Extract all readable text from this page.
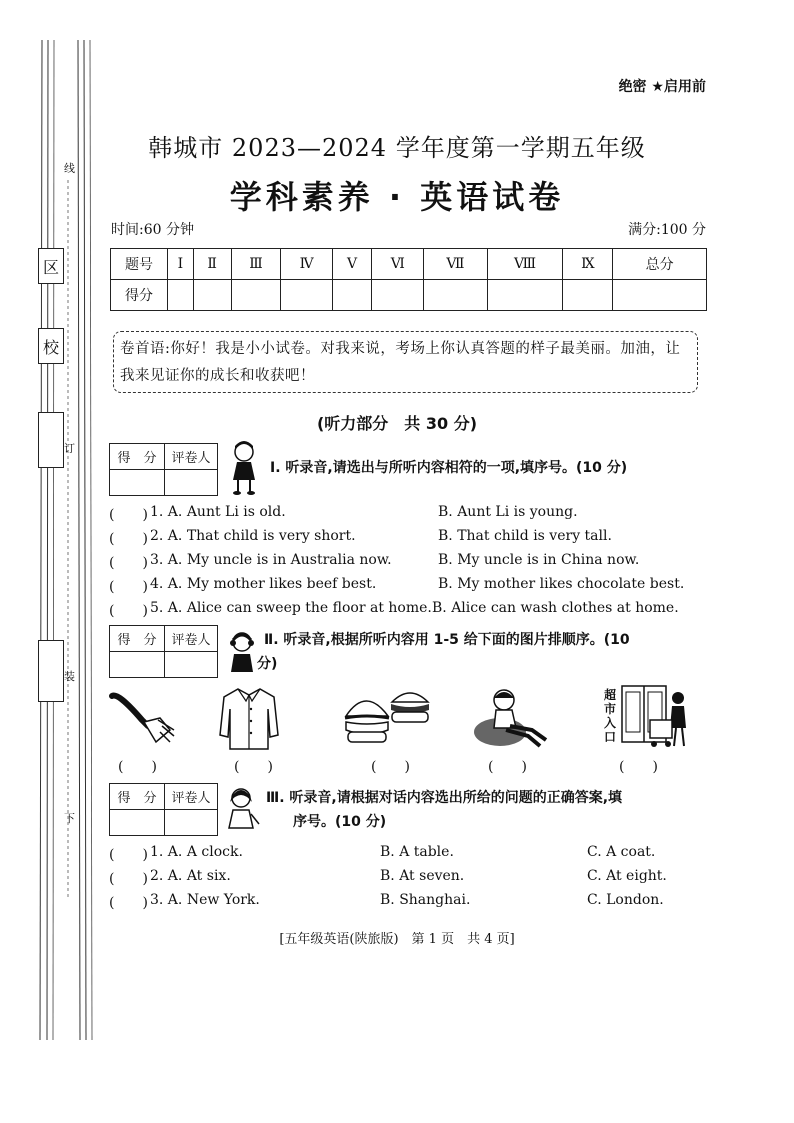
区
校
线
订
装
下
绝密 ★启用前
韩城市 2023—2024 学年度第一学期五年级
学科素养 · 英语试卷
时间:60 分钟	满分:100 分
题号	Ⅰ	Ⅱ	Ⅲ	Ⅳ	Ⅴ	Ⅵ	Ⅶ	Ⅷ	Ⅸ	总分
得分										
卷首语:你好！我是小小试卷。对我来说，考场上你认真答题的样子最美丽。加油，让我来见证你的成长和收获吧！
(听力部分　共 30 分)
得　分	评卷人
Ⅰ. 听录音,请选出与所听内容相符的一项,填序号。(10 分)
(　　) 1. A. Aunt Li is old.	B. Aunt Li is young.
(　　) 2. A. That child is very short.	B. That child is very tall.
(　　) 3. A. My uncle is in Australia now.	B. My uncle is in China now.
(　　) 4. A. My mother likes beef best.	B. My mother likes chocolate best.
(　　) 5. A. Alice can sweep the floor at home. B. Alice can wash clothes at home.
得　分	评卷人	Ⅱ. 听录音,根据所听内容用 1-5 给下面的图片排顺序。(10
分)
超市入口
(　　)	(　　)	(　　)	(　　)	(　　)
得　分	评卷人	Ⅲ. 听录音,请根据对话内容选出所给的问题的正确答案,填
序号。(10 分)
(　　) 1. A. A clock.	B. A table.	C. A coat.
(　　) 2. A. At six.	B. At seven.	C. At eight.
(　　) 3. A. New York.	B. Shanghai.	C. London.
[五年级英语(陕旅版)　第 1 页　共 4 页]
